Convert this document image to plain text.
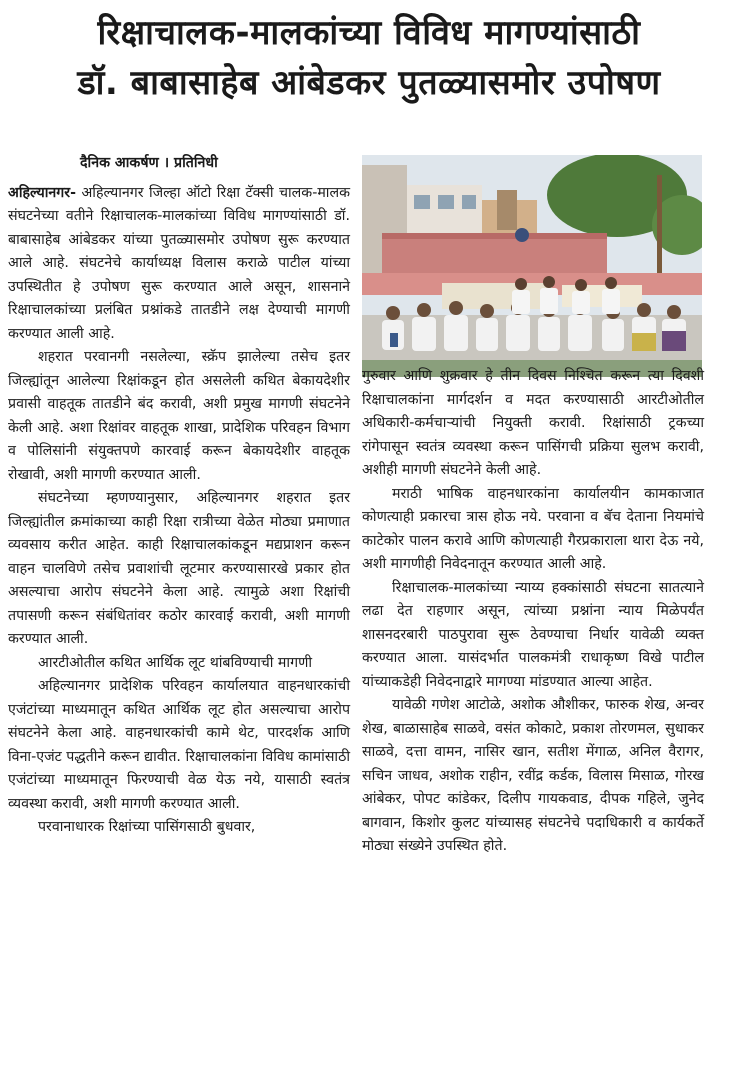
रिक्षाचालक-मालकांच्या विविध मागण्यांसाठी
डॉ. बाबासाहेब आंबेडकर पुतळ्यासमोर उपोषण

दैनिक आकर्षण । प्रतिनिधी

अहिल्यानगर- अहिल्यानगर जिल्हा ऑटो रिक्षा टॅक्सी चालक-मालक संघटनेच्या वतीने रिक्षाचालक-मालकांच्या विविध मागण्यांसाठी डॉ. बाबासाहेब आंबेडकर यांच्या पुतळ्यासमोर उपोषण सुरू करण्यात आले आहे. संघटनेचे कार्याध्यक्ष विलास कराळे पाटील यांच्या उपस्थितीत हे उपोषण सुरू करण्यात आले असून, शासनाने रिक्षाचालकांच्या प्रलंबित प्रश्नांकडे तातडीने लक्ष देण्याची मागणी करण्यात आली आहे.

शहरात परवानगी नसलेल्या, स्क्रॅप झालेल्या तसेच इतर जिल्ह्यांतून आलेल्या रिक्षांकडून होत असलेली कथित बेकायदेशीर प्रवासी वाहतूक तातडीने बंद करावी, अशी प्रमुख मागणी संघटनेने केली आहे. अशा रिक्षांवर वाहतूक शाखा, प्रादेशिक परिवहन विभाग व पोलिसांनी संयुक्तपणे कारवाई करून बेकायदेशीर वाहतूक रोखावी, अशी मागणी करण्यात आली.

संघटनेच्या म्हणण्यानुसार, अहिल्यानगर शहरात इतर जिल्ह्यांतील क्रमांकाच्या काही रिक्षा रात्रीच्या वेळेत मोठ्या प्रमाणात व्यवसाय करीत आहेत. काही रिक्षाचालकांकडून मद्यप्राशन करून वाहन चालविणे तसेच प्रवाशांची लूटमार करण्यासारखे प्रकार होत असल्याचा आरोप संघटनेने केला आहे. त्यामुळे अशा रिक्षांची तपासणी करून संबंधितांवर कठोर कारवाई करावी, अशी मागणी करण्यात आली.

आरटीओतील कथित आर्थिक लूट थांबविण्याची मागणी

अहिल्यानगर प्रादेशिक परिवहन कार्यालयात वाहनधारकांची एजंटांच्या माध्यमातून कथित आर्थिक लूट होत असल्याचा आरोप संघटनेने केला आहे. वाहनधारकांची कामे थेट, पारदर्शक आणि विना-एजंट पद्धतीने करून द्यावीत. रिक्षाचालकांना विविध कामांसाठी एजंटांच्या माध्यमातून फिरण्याची वेळ येऊ नये, यासाठी स्वतंत्र व्यवस्था करावी, अशी मागणी करण्यात आली.

परवानाधारक रिक्षांच्या पासिंगसाठी बुधवार,

गुरुवार आणि शुक्रवार हे तीन दिवस निश्चित करून त्या दिवशी रिक्षाचालकांना मार्गदर्शन व मदत करण्यासाठी आरटीओतील अधिकारी-कर्मचाऱ्यांची नियुक्ती करावी. रिक्षांसाठी ट्रकच्या रांगेपासून स्वतंत्र व्यवस्था करून पासिंगची प्रक्रिया सुलभ करावी, अशीही मागणी संघटनेने केली आहे.

मराठी भाषिक वाहनधारकांना कार्यालयीन कामकाजात कोणत्याही प्रकारचा त्रास होऊ नये. परवाना व बॅच देताना नियमांचे काटेकोर पालन करावे आणि कोणत्याही गैरप्रकाराला थारा देऊ नये, अशी मागणीही निवेदनातून करण्यात आली आहे.

रिक्षाचालक-मालकांच्या न्याय्य हक्कांसाठी संघटना सातत्याने लढा देत राहणार असून, त्यांच्या प्रश्नांना न्याय मिळेपर्यंत शासनदरबारी पाठपुरावा सुरू ठेवण्याचा निर्धार यावेळी व्यक्त करण्यात आला. यासंदर्भात पालकमंत्री राधाकृष्ण विखे पाटील यांच्याकडेही निवेदनाद्वारे मागण्या मांडण्यात आल्या आहेत.

यावेळी गणेश आटोळे, अशोक औशीकर, फारुक शेख, अन्वर शेख, बाळासाहेब साळवे, वसंत कोकाटे, प्रकाश तोरणमल, सुधाकर साळवे, दत्ता वामन, नासिर खान, सतीश मेंगाळ, अनिल वैरागर, सचिन जाधव, अशोक राहीन, रवींद्र कर्डक, विलास मिसाळ, गोरख आंबेकर, पोपट कांडेकर, दिलीप गायकवाड, दीपक गहिले, जुनेद बागवान, किशोर कुलट यांच्यासह संघटनेचे पदाधिकारी व कार्यकर्ते मोठ्या संख्येने उपस्थित होते.
